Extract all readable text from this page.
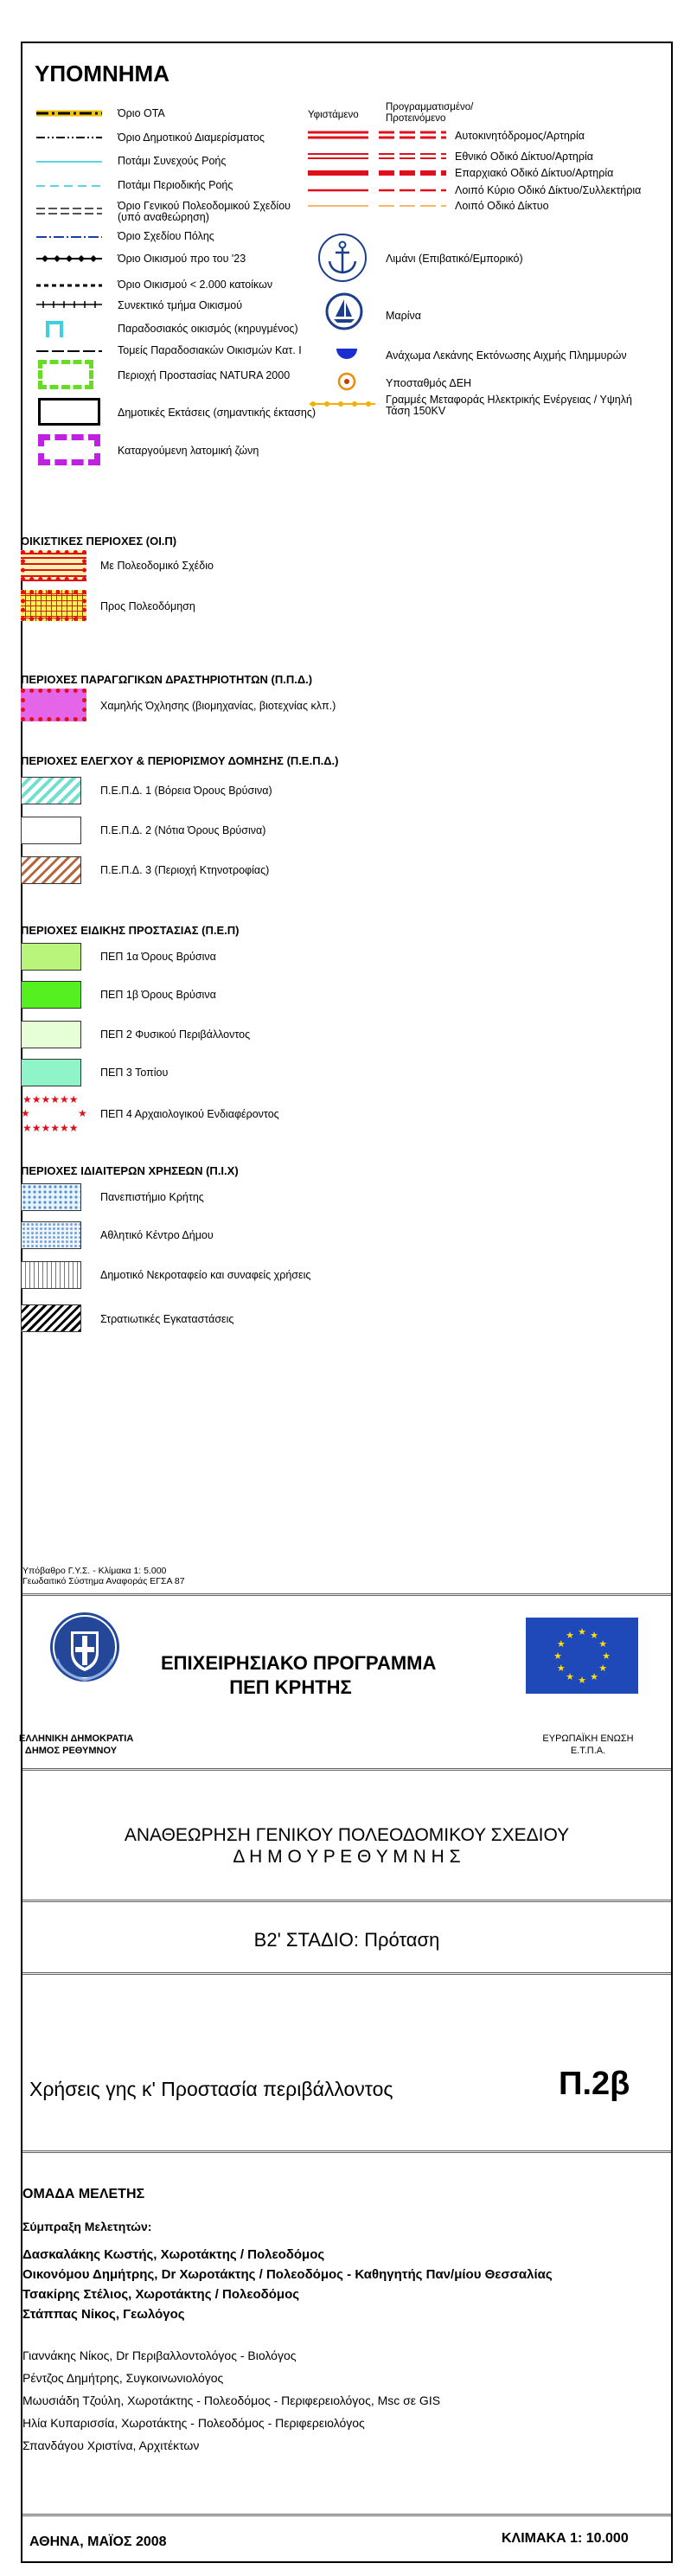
ΥΠΟΜΝΗΜΑ
Όριο ΟΤΑ
Όριο Δημοτικού Διαμερίσματος
Ποτάμι Συνεχούς Ροής
Ποτάμι Περιοδικής Ροής
Όριο Γενικού Πολεοδομικού Σχεδίου (υπό αναθεώρηση)
Όριο Σχεδίου Πόλης
Όριο Οικισμού προ του '23
Όριο Οικισμού < 2.000 κατοίκων
Συνεκτικό τμήμα Οικισμού
Παραδοσιακός οικισμός (κηρυγμένος)
Τομείς Παραδοσιακών Οικισμών Κατ. Ι
Περιοχή Προστασίας NATURA 2000
Δημοτικές Εκτάσεις (σημαντικής έκτασης)
Καταργούμενη λατομική ζώνη
Υφιστάμενο
Προγραμματισμένο/ Προτεινόμενο
Αυτοκινητόδρομος/Αρτηρία
Εθνικό Οδικό Δίκτυο/Αρτηρία
Επαρχιακό Οδικό Δίκτυο/Αρτηρία
Λοιπό Κύριο Οδικό Δίκτυο/Συλλεκτήρια
Λοιπό Οδικό Δίκτυο
Λιμάνι (Επιβατικό/Εμπορικό)
Μαρίνα
Ανάχωμα Λεκάνης Εκτόνωσης Αιχμής Πλημμυρών
Υποσταθμός ΔΕΗ
Γραμμές Μεταφοράς Ηλεκτρικής Ενέργειας / Υψηλή Τάση 150KV
ΟΙΚΙΣΤΙΚΕΣ ΠΕΡΙΟΧΕΣ (ΟΙ.Π)
Με Πολεοδομικό Σχέδιο
Προς Πολεοδόμηση
ΠΕΡΙΟΧΕΣ ΠΑΡΑΓΩΓΙΚΩΝ ΔΡΑΣΤΗΡΙΟΤΗΤΩΝ (Π.Π.Δ.)
Χαμηλής Όχλησης (βιομηχανίας, βιοτεχνίας κλπ.)
ΠΕΡΙΟΧΕΣ ΕΛΕΓΧΟΥ & ΠΕΡΙΟΡΙΣΜΟΥ ΔΟΜΗΣΗΣ (Π.Ε.Π.Δ.)
Π.Ε.Π.Δ. 1 (Βόρεια Όρους Βρύσινα)
Π.Ε.Π.Δ. 2 (Νότια Όρους Βρύσινα)
Π.Ε.Π.Δ. 3 (Περιοχή Κτηνοτροφίας)
ΠΕΡΙΟΧΕΣ ΕΙΔΙΚΗΣ ΠΡΟΣΤΑΣΙΑΣ (Π.Ε.Π)
ΠΕΠ 1α Όρους Βρύσινα
ΠΕΠ 1β Όρους Βρύσινα
ΠΕΠ 2 Φυσικού Περιβάλλοντος
ΠΕΠ 3 Τοπίου
★★★★★★
★★★★★★
★	★ ΠΕΠ 4 Αρχαιολογικού Ενδιαφέροντος
ΠΕΡΙΟΧΕΣ ΙΔΙΑΙΤΕΡΩΝ ΧΡΗΣΕΩΝ (Π.Ι.Χ)
Πανεπιστήμιο Κρήτης
Αθλητικό Κέντρο Δήμου
Δημοτικό Νεκροταφείο και συναφείς χρήσεις
Στρατιωτικές Εγκαταστάσεις
Υπόβαθρο Γ.Υ.Σ. - Κλίμακα 1: 5.000
Γεωδαιτικό Σύστημα Αναφοράς ΕΓΣΑ 87
ΕΠΙΧΕΙΡΗΣΙΑΚΟ ΠΡΟΓΡΑΜΜΑ
ΠΕΠ ΚΡΗΤΗΣ
★ ★
★
★
★
★
★
★
★
★
★
★
ΕΛΛΗΝΙΚΗ ΔΗΜΟΚΡΑΤΙΑ
ΔΗΜΟΣ ΡΕΘΥΜΝΟΥ
ΕΥΡΩΠΑΪΚΗ ΕΝΩΣΗ
Ε.Τ.Π.Α.
ΑΝΑΘΕΩΡΗΣΗ ΓΕΝΙΚΟΥ ΠΟΛΕΟΔΟΜΙΚΟΥ ΣΧΕΔΙΟΥ
Δ Η Μ Ο Υ Ρ Ε Θ Υ Μ Ν Η Σ
Β2' ΣΤΑΔΙΟ: Πρόταση
Χρήσεις γης κ' Προστασία περιβάλλοντος	Π.2β
ΟΜΑΔΑ ΜΕΛΕΤΗΣ
Σύμπραξη Μελετητών:
Δασκαλάκης Κωστής, Χωροτάκτης / Πολεοδόμος
Οικονόμου Δημήτρης, Dr Χωροτάκτης / Πολεοδόμος - Καθηγητής Παν/μίου Θεσσαλίας
Τσακίρης Στέλιος, Χωροτάκτης / Πολεοδόμος
Στάππας Νίκος, Γεωλόγος
Γιαννάκης Νίκος, Dr Περιβαλλοντολόγος - Βιολόγος
Ρέντζος Δημήτρης, Συγκοινωνιολόγος
Μωυσιάδη Τζούλη, Χωροτάκτης - Πολεοδόμος - Περιφερειολόγος, Msc σε GIS
Ηλία Κυπαρισσία, Χωροτάκτης - Πολεοδόμος - Περιφερειολόγος
Σπανδάγου Χριστίνα, Αρχιτέκτων
ΑΘΗΝΑ, ΜΑΪΟΣ 2008	ΚΛΙΜΑΚΑ 1: 10.000
